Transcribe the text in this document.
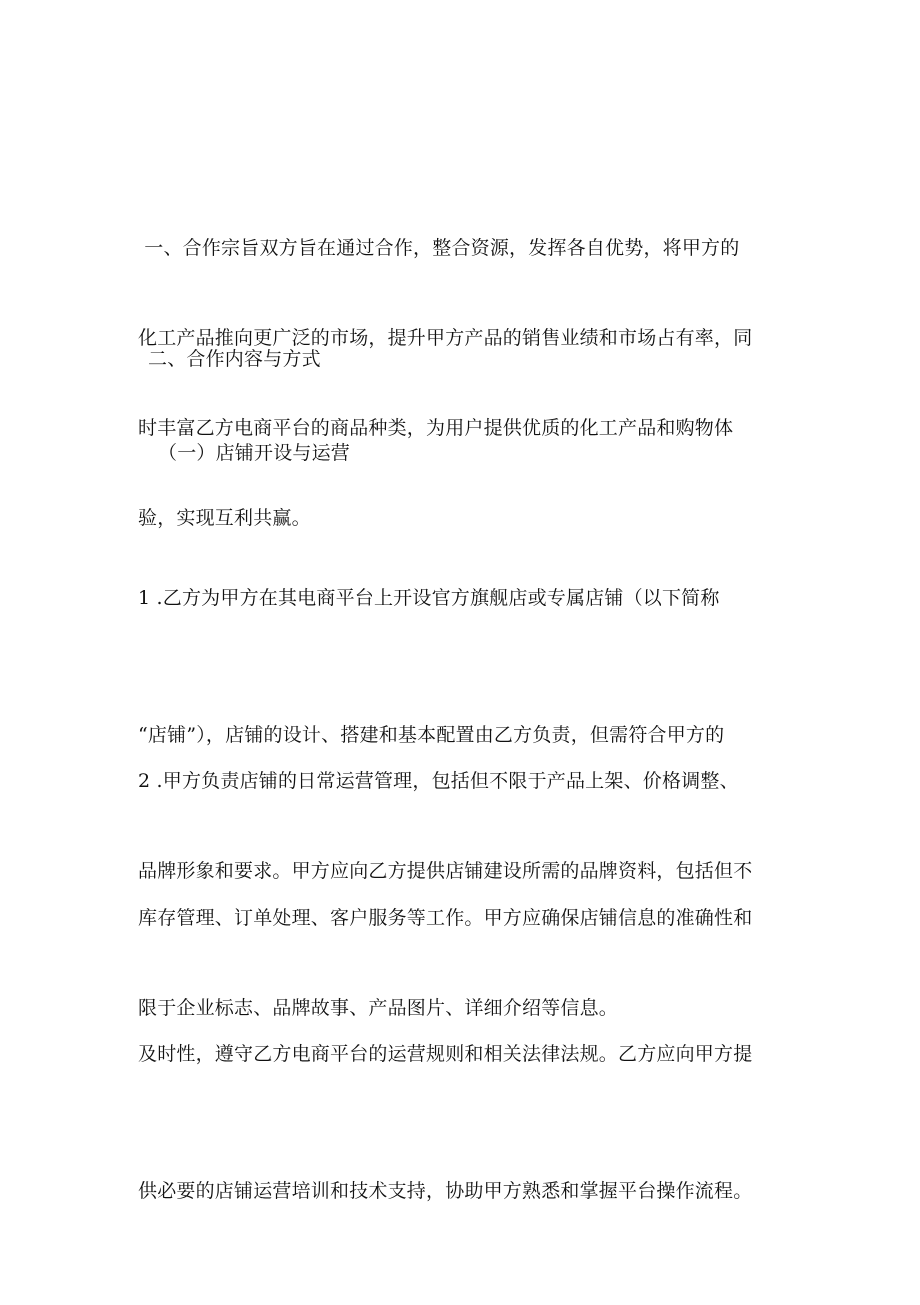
一、合作宗旨双方旨在通过合作，整合资源，发挥各自优势，将甲方的

化工产品推向更广泛的市场，提升甲方产品的销售业绩和市场占有率，同

时丰富乙方电商平台的商品种类，为用户提供优质的化工产品和购物体

验，实现互利共赢。

二、合作内容与方式
（一）店铺开设与运营

1 .乙方为甲方在其电商平台上开设官方旗舰店或专属店铺（以下简称

“店铺”），店铺的设计、搭建和基本配置由乙方负责，但需符合甲方的

品牌形象和要求。甲方应向乙方提供店铺建设所需的品牌资料，包括但不

限于企业标志、品牌故事、产品图片、详细介绍等信息。

2 .甲方负责店铺的日常运营管理，包括但不限于产品上架、价格调整、

库存管理、订单处理、客户服务等工作。甲方应确保店铺信息的准确性和

及时性，遵守乙方电商平台的运营规则和相关法律法规。乙方应向甲方提

供必要的店铺运营培训和技术支持，协助甲方熟悉和掌握平台操作流程。
